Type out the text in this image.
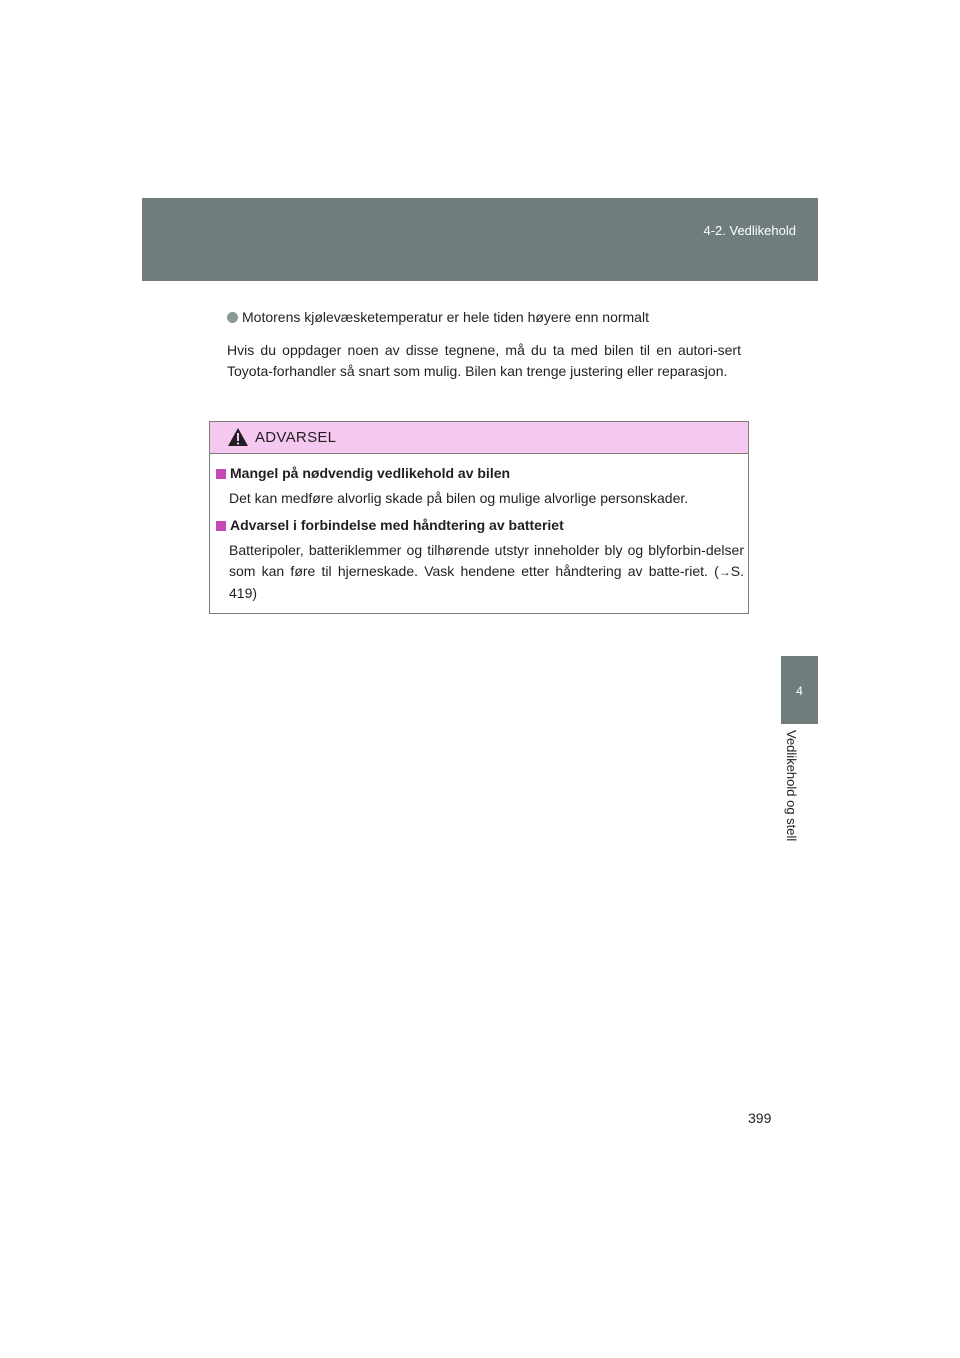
4-2. Vedlikehold
4
Vedlikehold og stell
Motorens kjølevæsketemperatur er hele tiden høyere enn normalt
Hvis du oppdager noen av disse tegnene, må du ta med bilen til en autori-sert Toyota-forhandler så snart som mulig. Bilen kan trenge justering eller reparasjon.
ADVARSEL
Mangel på nødvendig vedlikehold av bilen
Det kan medføre alvorlig skade på bilen og mulige alvorlige personskader.
Advarsel i forbindelse med håndtering av batteriet
Batteripoler, batteriklemmer og tilhørende utstyr inneholder bly og blyforbin-delser som kan føre til hjerneskade. Vask hendene etter håndtering av batte-riet. (→S. 419)
399
